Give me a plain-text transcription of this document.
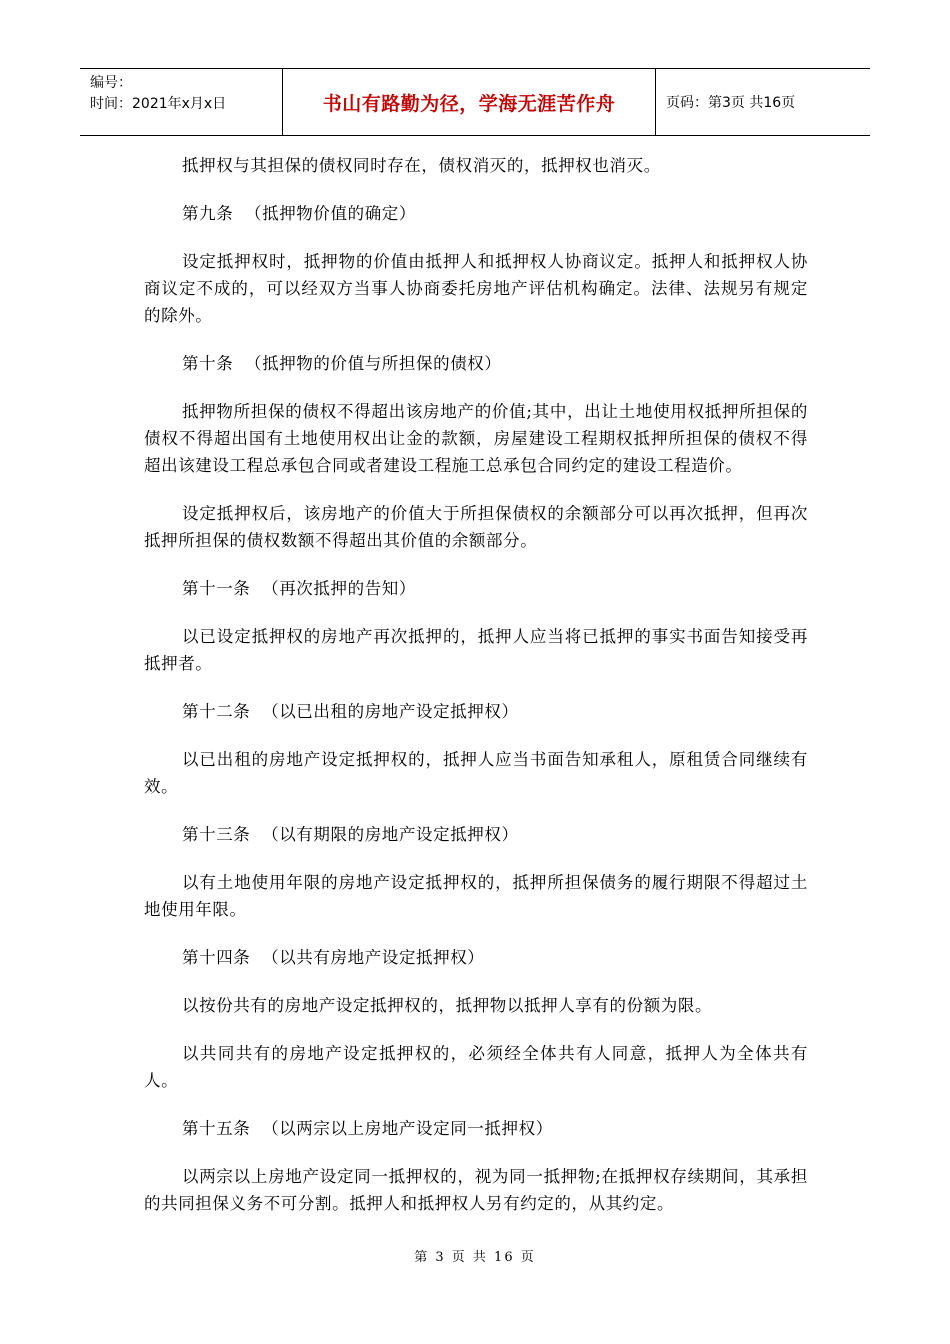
编号：
时间：2021年x月x日	书山有路勤为径，学海无涯苦作舟	页码：第3页 共16页

抵押权与其担保的债权同时存在，债权消灭的，抵押权也消灭。

第九条  （抵押物价值的确定）

设定抵押权时，抵押物的价值由抵押人和抵押权人协商议定。抵押人和抵押权人协商议定不成的，可以经双方当事人协商委托房地产评估机构确定。法律、法规另有规定的除外。

第十条  （抵押物的价值与所担保的债权）

抵押物所担保的债权不得超出该房地产的价值;其中，出让土地使用权抵押所担保的债权不得超出国有土地使用权出让金的款额，房屋建设工程期权抵押所担保的债权不得超出该建设工程总承包合同或者建设工程施工总承包合同约定的建设工程造价。

设定抵押权后，该房地产的价值大于所担保债权的余额部分可以再次抵押，但再次抵押所担保的债权数额不得超出其价值的余额部分。

第十一条  （再次抵押的告知）

以已设定抵押权的房地产再次抵押的，抵押人应当将已抵押的事实书面告知接受再抵押者。

第十二条  （以已出租的房地产设定抵押权）

以已出租的房地产设定抵押权的，抵押人应当书面告知承租人，原租赁合同继续有效。

第十三条  （以有期限的房地产设定抵押权）

以有土地使用年限的房地产设定抵押权的，抵押所担保债务的履行期限不得超过土地使用年限。

第十四条  （以共有房地产设定抵押权）

以按份共有的房地产设定抵押权的，抵押物以抵押人享有的份额为限。

以共同共有的房地产设定抵押权的，必须经全体共有人同意，抵押人为全体共有人。

第十五条  （以两宗以上房地产设定同一抵押权）

以两宗以上房地产设定同一抵押权的，视为同一抵押物;在抵押权存续期间，其承担的共同担保义务不可分割。抵押人和抵押权人另有约定的，从其约定。

第 3 页 共 16 页
